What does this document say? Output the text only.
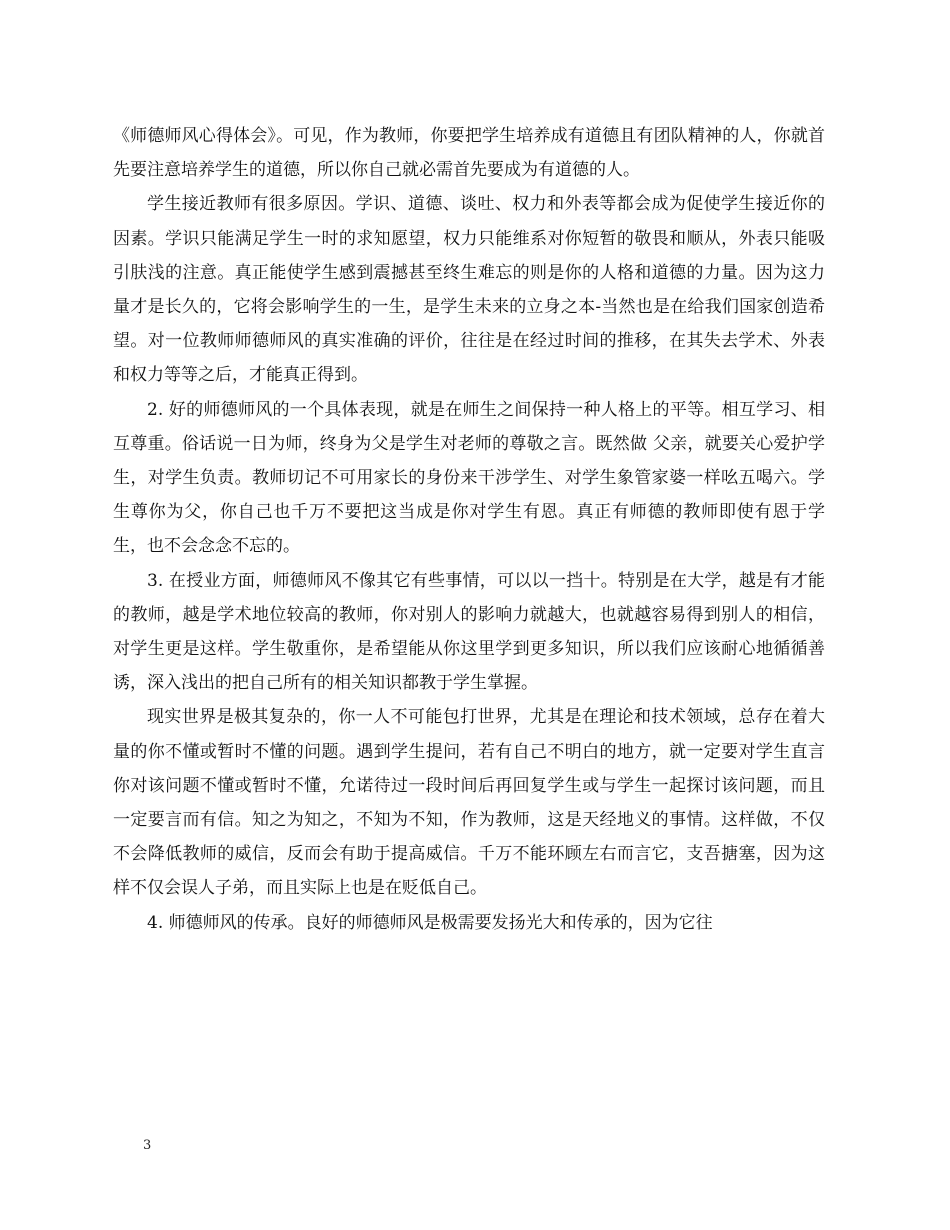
《师德师风心得体会》。可见，作为教师，你要把学生培养成有道德且有团队精神的人，你就首先要注意培养学生的道德，所以你自己就必需首先要成为有道德的人。

学生接近教师有很多原因。学识、道德、谈吐、权力和外表等都会成为促使学生接近你的因素。学识只能满足学生一时的求知愿望，权力只能维系对你短暂的敬畏和顺从，外表只能吸引肤浅的注意。真正能使学生感到震撼甚至终生难忘的则是你的人格和道德的力量。因为这力量才是长久的，它将会影响学生的一生，是学生未来的立身之本-当然也是在给我们国家创造希望。对一位教师师德师风的真实准确的评价，往往是在经过时间的推移，在其失去学术、外表和权力等等之后，才能真正得到。

2. 好的师德师风的一个具体表现，就是在师生之间保持一种人格上的平等。相互学习、相互尊重。俗话说一日为师，终身为父是学生对老师的尊敬之言。既然做 父亲，就要关心爱护学生，对学生负责。教师切记不可用家长的身份来干涉学生、对学生象管家婆一样吆五喝六。学生尊你为父，你自己也千万不要把这当成是你对学生有恩。真正有师德的教师即使有恩于学生，也不会念念不忘的。

3. 在授业方面，师德师风不像其它有些事情，可以以一挡十。特别是在大学，越是有才能的教师，越是学术地位较高的教师，你对别人的影响力就越大，也就越容易得到别人的相信，对学生更是这样。学生敬重你，是希望能从你这里学到更多知识，所以我们应该耐心地循循善诱，深入浅出的把自己所有的相关知识都教于学生掌握。

现实世界是极其复杂的，你一人不可能包打世界，尤其是在理论和技术领域，总存在着大量的你不懂或暂时不懂的问题。遇到学生提问，若有自己不明白的地方，就一定要对学生直言你对该问题不懂或暂时不懂，允诺待过一段时间后再回复学生或与学生一起探讨该问题，而且一定要言而有信。知之为知之，不知为不知，作为教师，这是天经地义的事情。这样做，不仅不会降低教师的威信，反而会有助于提高威信。千万不能环顾左右而言它，支吾搪塞，因为这样不仅会误人子弟，而且实际上也是在贬低自己。

4. 师德师风的传承。良好的师德师风是极需要发扬光大和传承的，因为它往

3
